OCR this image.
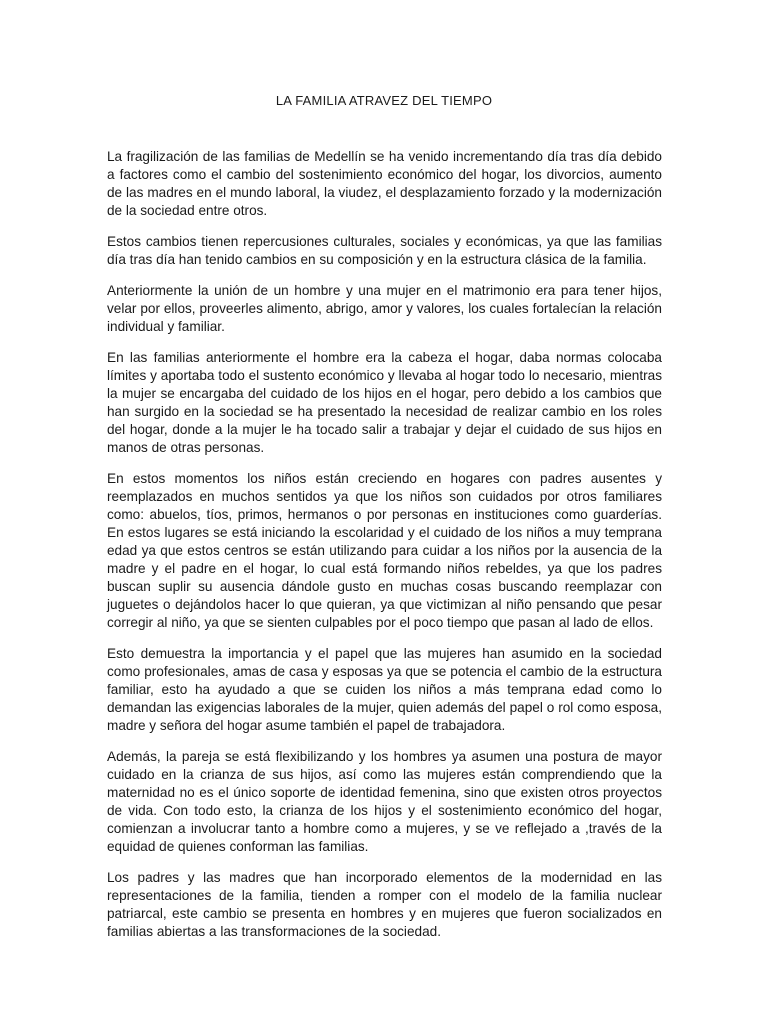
LA FAMILIA ATRAVEZ DEL TIEMPO

La fragilización de las familias de Medellín se ha venido incrementando día tras día debido a factores como el cambio del sostenimiento económico del hogar, los divorcios, aumento de las madres en el mundo laboral, la viudez, el desplazamiento forzado y la modernización de la sociedad entre otros.

Estos cambios tienen repercusiones culturales, sociales y económicas, ya que las familias día tras día han tenido cambios en su composición y en la estructura clásica de la familia.

Anteriormente la unión de un hombre y una mujer en el matrimonio era para tener hijos, velar por ellos, proveerles alimento, abrigo, amor y valores, los cuales fortalecían la relación individual y familiar.

En las familias anteriormente el hombre era la cabeza el hogar, daba normas colocaba límites y aportaba todo el sustento económico y llevaba al hogar todo lo necesario, mientras la mujer se encargaba del cuidado de los hijos en el hogar, pero debido a los cambios que han surgido en la sociedad se ha presentado la necesidad de realizar cambio en los roles del hogar, donde a la mujer le ha tocado salir a trabajar y dejar el cuidado de sus hijos en manos de otras personas.

En estos momentos los niños están creciendo en hogares con padres ausentes y reemplazados en muchos sentidos ya que los niños son cuidados por otros familiares como: abuelos, tíos, primos, hermanos o por personas en instituciones como guarderías. En estos lugares se está iniciando la escolaridad y el cuidado de los niños a muy temprana edad ya que estos centros se están utilizando para cuidar a los niños por la ausencia de la madre y el padre en el hogar, lo cual está formando niños rebeldes, ya que los padres buscan suplir su ausencia dándole gusto en muchas cosas buscando reemplazar con juguetes o dejándolos hacer lo que quieran, ya que victimizan al niño pensando que pesar corregir al niño, ya que se sienten culpables por el poco tiempo que pasan al lado de ellos.

Esto demuestra la importancia y el papel que las mujeres han asumido en la sociedad como profesionales, amas de casa y esposas ya que se potencia el cambio de la estructura familiar, esto ha ayudado a que se cuiden los niños a más temprana edad como lo demandan las exigencias laborales de la mujer, quien además del papel o rol como esposa, madre y señora del hogar asume también el papel de trabajadora.

Además, la pareja se está flexibilizando y los hombres ya asumen una postura de mayor cuidado en la crianza de sus hijos, así como las mujeres están comprendiendo que la maternidad no es el único soporte de identidad femenina, sino que existen otros proyectos de vida. Con todo esto, la crianza de los hijos y el sostenimiento económico del hogar, comienzan a involucrar tanto a hombre como a mujeres, y se ve reflejado a ,través de la equidad de quienes conforman las familias.

Los padres y las madres que han incorporado elementos de la modernidad en las representaciones de la familia, tienden a romper con el modelo de la familia nuclear patriarcal, este cambio se presenta en hombres y en mujeres que fueron socializados en familias abiertas a las transformaciones de la sociedad.
